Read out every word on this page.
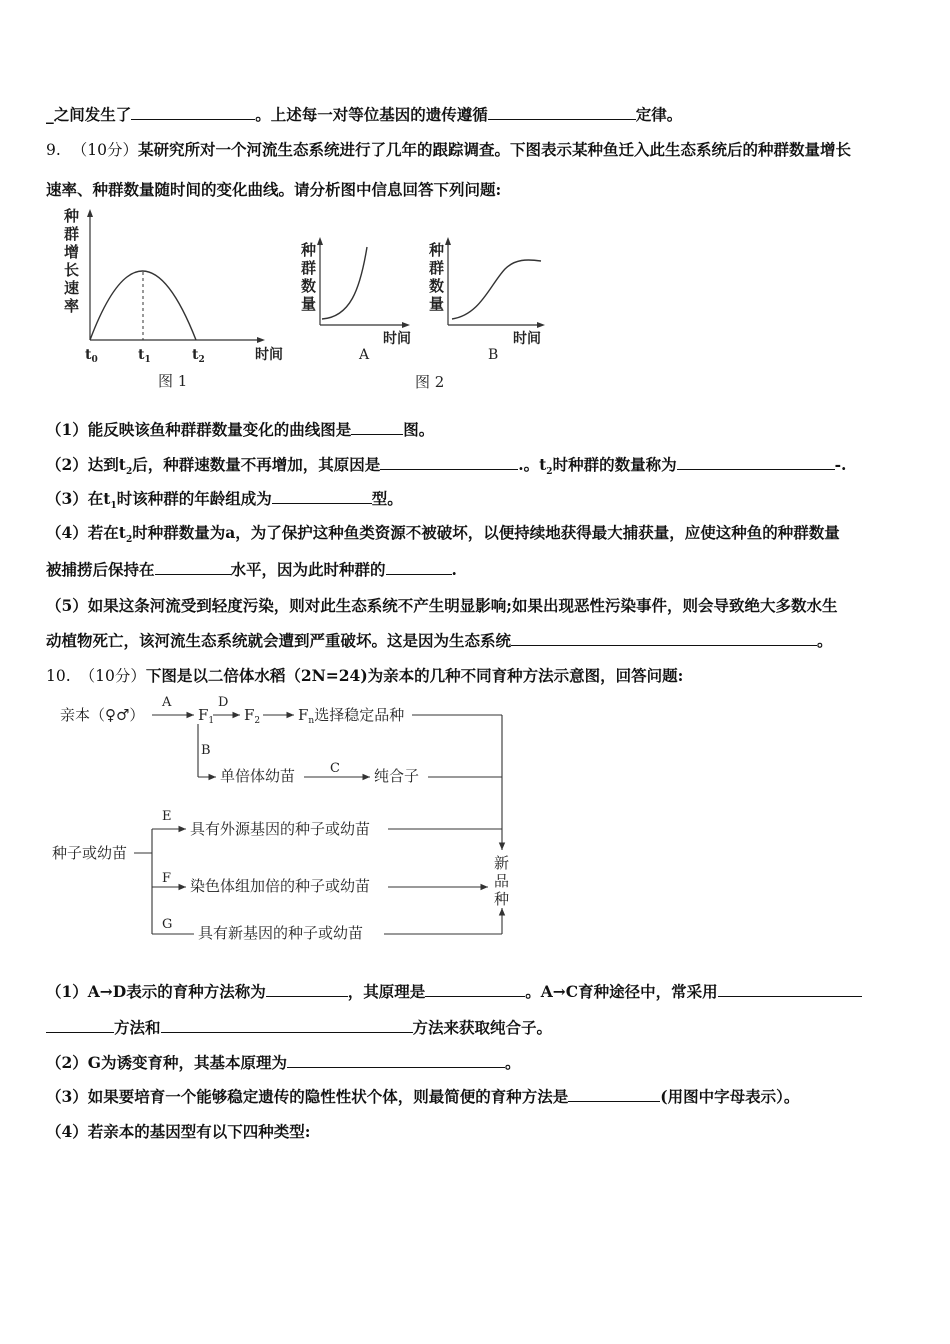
_之间发生了	。上述每一对等位基因的遗传遵循	定律。
9. （10分）某研究所对一个河流生态系统进行了几年的跟踪调查。下图表示某种鱼迁入此生态系统后的种群数量增长
速率、种群数量随时间的变化曲线。请分析图中信息回答下列问题:
种
群
增
长
速
率
$t_0$	$t_1$	$t_2$	时间
图 1
种
群
数
量
时间
A
种
群
数
量
时间
B
图 2
（1）能反映该鱼种群群数量变化的曲线图是	图。
（2）达到$t_2$后，种群速数量不再增加，其原因是	.。$t_2$时种群的数量称为	-.
（3）在$t_1$时该种群的年龄组成为	型。
（4）若在$t_2$时种群数量为a，为了保护这种鱼类资源不被破坏，以便持续地获得最大捕获量，应使这种鱼的种群数量
被捕捞后保持在	水平，因为此时种群的	.
（5）如果这条河流受到轻度污染，则对此生态系统不产生明显影响;如果出现恶性污染事件，则会导致绝大多数水生
动植物死亡，该河流生态系统就会遭到严重破坏。这是因为生态系统	。
10. （10分）下图是以二倍体水稻（2N=24)为亲本的几种不同育种方法示意图，回答问题:
亲本（♀♂）
A	D
$F_1$ $F_2$	$F_n$选择稳定品种
B
单倍体幼苗	C 纯合子
种子或幼苗
E
具有外源基因的种子或幼苗
F 染色体组加倍的种子或幼苗
G 具有新基因的种子或幼苗
新
品
种
（1）A→D表示的育种方法称为	，其原理是	。A→C育种途径中，常采用
方法和	方法来获取纯合子。
（2）G为诱变育种，其基本原理为	。
（3）如果要培育一个能够稳定遗传的隐性性状个体，则最简便的育种方法是	(用图中字母表示）。
（4）若亲本的基因型有以下四种类型:
